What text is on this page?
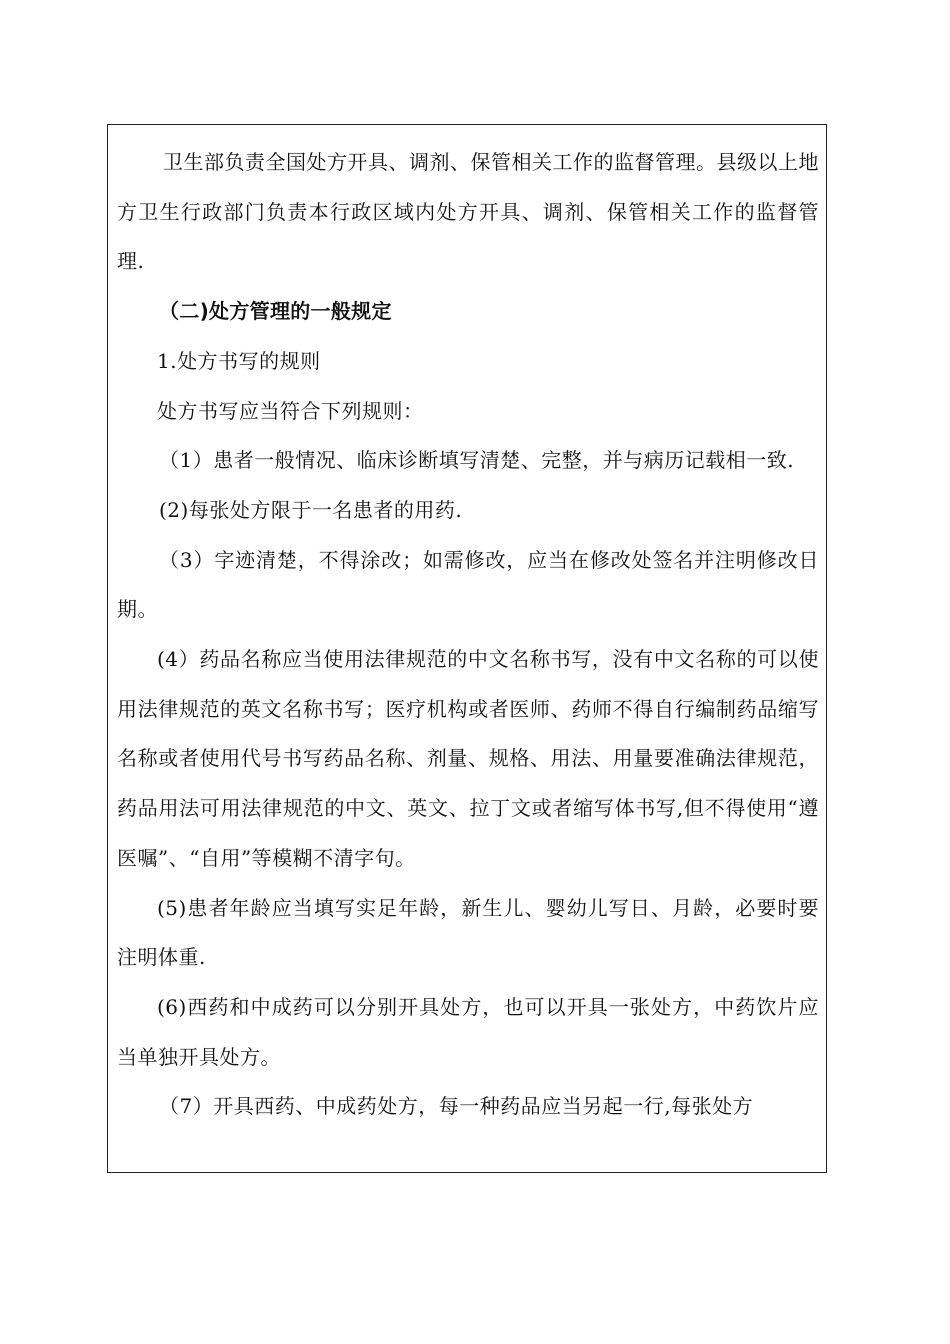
卫生部负责全国处方开具、调剂、保管相关工作的监督管理。县级以上地方卫生行政部门负责本行政区域内处方开具、调剂、保管相关工作的监督管理.

（二)处方管理的一般规定

1.处方书写的规则

处方书写应当符合下列规则：

（1）患者一般情况、临床诊断填写清楚、完整，并与病历记载相一致.

(2)每张处方限于一名患者的用药.

（3）字迹清楚，不得涂改；如需修改，应当在修改处签名并注明修改日期。

(4）药品名称应当使用法律规范的中文名称书写，没有中文名称的可以使用法律规范的英文名称书写；医疗机构或者医师、药师不得自行编制药品缩写名称或者使用代号书写药品名称、剂量、规格、用法、用量要准确法律规范，药品用法可用法律规范的中文、英文、拉丁文或者缩写体书写,但不得使用“遵医嘱”、“自用”等模糊不清字句。

(5)患者年龄应当填写实足年龄，新生儿、婴幼儿写日、月龄，必要时要注明体重.

(6)西药和中成药可以分别开具处方，也可以开具一张处方，中药饮片应当单独开具处方。

（7）开具西药、中成药处方，每一种药品应当另起一行,每张处方
